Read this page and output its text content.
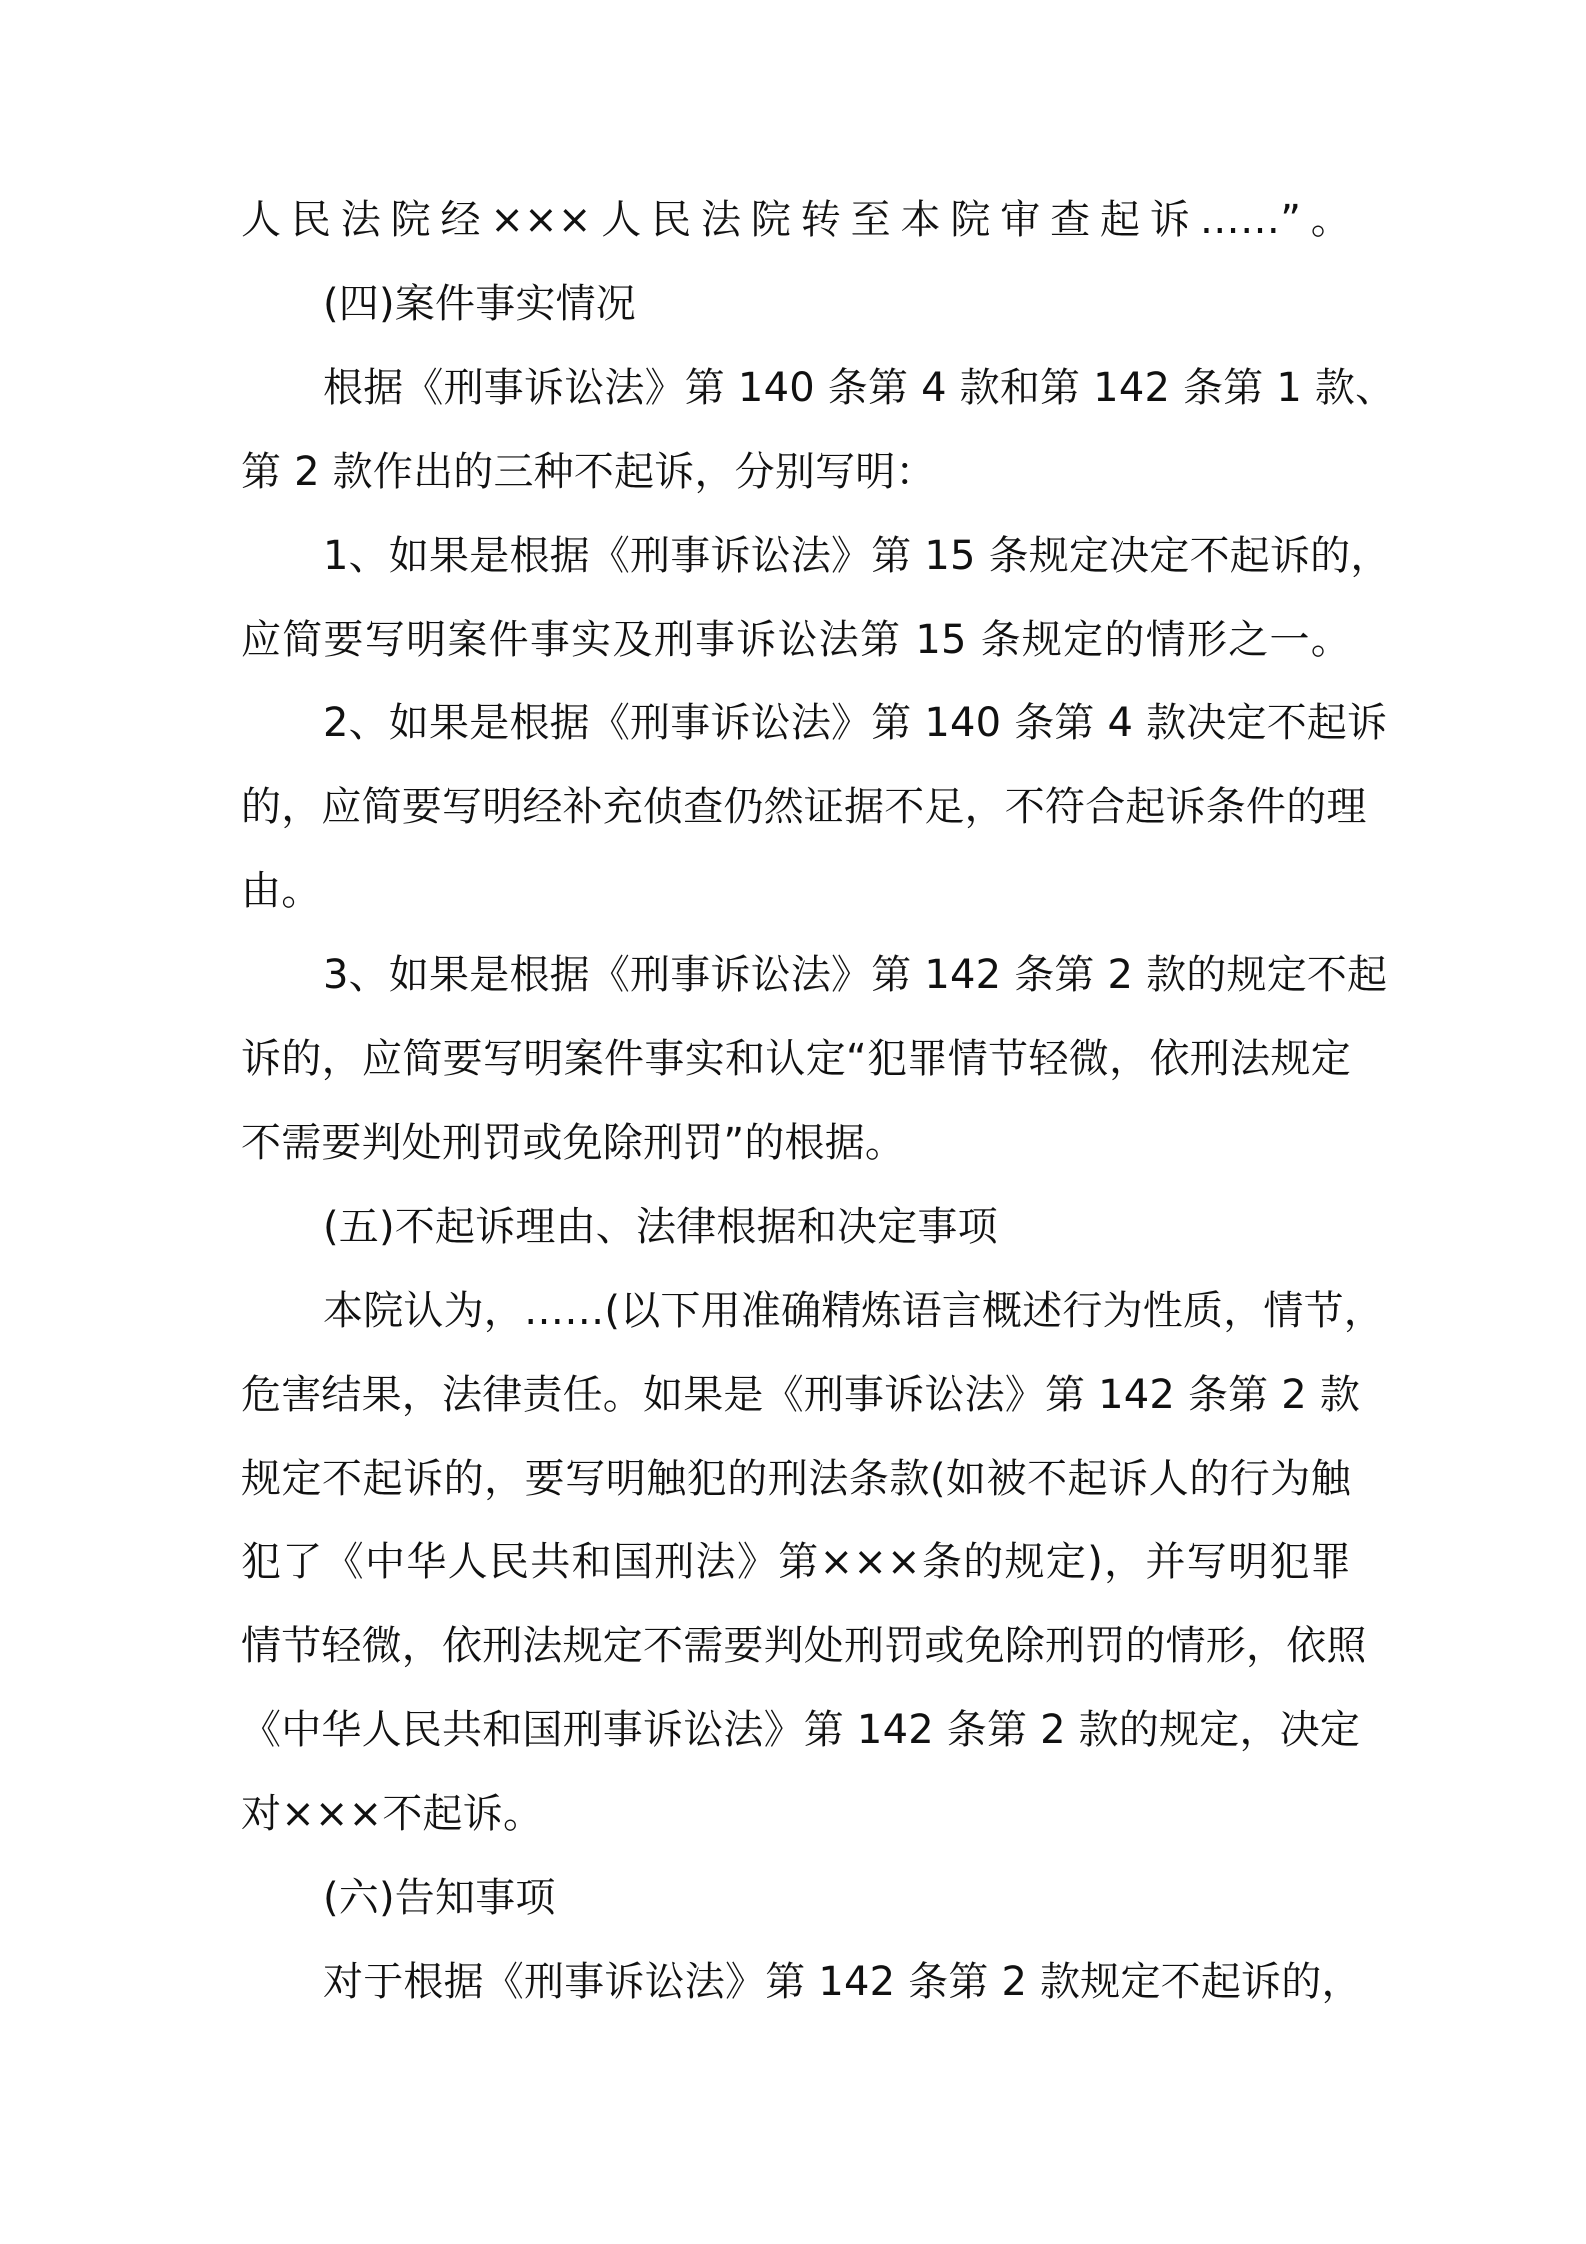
人民法院经×××人民法院转至本院审查起诉……”。
(四)案件事实情况
根据《刑事诉讼法》第 140 条第 4 款和第 142 条第 1 款、
第 2 款作出的三种不起诉，分别写明：
1、如果是根据《刑事诉讼法》第 15 条规定决定不起诉的，
应简要写明案件事实及刑事诉讼法第 15 条规定的情形之一。
2、如果是根据《刑事诉讼法》第 140 条第 4 款决定不起诉
的，应简要写明经补充侦查仍然证据不足，不符合起诉条件的理
由。
3、如果是根据《刑事诉讼法》第 142 条第 2 款的规定不起
诉的，应简要写明案件事实和认定“犯罪情节轻微，依刑法规定
不需要判处刑罚或免除刑罚”的根据。
(五)不起诉理由、法律根据和决定事项
本院认为，……(以下用准确精炼语言概述行为性质，情节，
危害结果，法律责任。如果是《刑事诉讼法》第 142 条第 2 款
规定不起诉的，要写明触犯的刑法条款(如被不起诉人的行为触
犯了《中华人民共和国刑法》第×××条的规定)，并写明犯罪
情节轻微，依刑法规定不需要判处刑罚或免除刑罚的情形，依照
《中华人民共和国刑事诉讼法》第 142 条第 2 款的规定，决定
对×××不起诉。
(六)告知事项
对于根据《刑事诉讼法》第 142 条第 2 款规定不起诉的，
